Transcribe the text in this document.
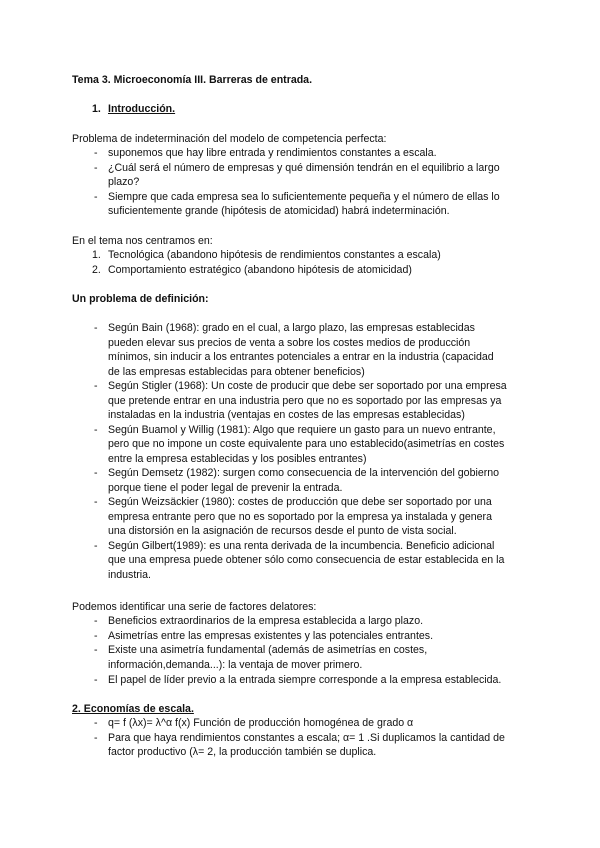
Tema 3. Microeconomía III. Barreras de entrada.
1. Introducción.
Problema de indeterminación del modelo de competencia perfecta:
- suponemos que hay libre entrada y rendimientos constantes a escala.
- ¿Cuál será el número de empresas y qué dimensión tendrán en el equilibrio a largo
plazo?
- Siempre que cada empresa sea lo suficientemente pequeña y el número de ellas lo
suficientemente grande (hipótesis de atomicidad) habrá indeterminación.
En el tema nos centramos en:
1. Tecnológica (abandono hipótesis de rendimientos constantes a escala)
2. Comportamiento estratégico (abandono hipótesis de atomicidad)
Un problema de definición:
- Según Bain (1968): grado en el cual, a largo plazo, las empresas establecidas
pueden elevar sus precios de venta a sobre los costes medios de producción
mínimos, sin inducir a los entrantes potenciales a entrar en la industria (capacidad
de las empresas establecidas para obtener beneficios)
- Según Stigler (1968): Un coste de producir que debe ser soportado por una empresa
que pretende entrar en una industria pero que no es soportado por las empresas ya
instaladas en la industria (ventajas en costes de las empresas establecidas)
- Según Buamol y Willig (1981): Algo que requiere un gasto para un nuevo entrante,
pero que no impone un coste equivalente para uno establecido(asimetrías en costes
entre la empresa establecidas y los posibles entrantes)
- Según Demsetz (1982): surgen como consecuencia de la intervención del gobierno
porque tiene el poder legal de prevenir la entrada.
- Según Weizsäckier (1980): costes de producción que debe ser soportado por una
empresa entrante pero que no es soportado por la empresa ya instalada y genera
una distorsión en la asignación de recursos desde el punto de vista social.
- Según Gilbert(1989): es una renta derivada de la incumbencia. Beneficio adicional
que una empresa puede obtener sólo como consecuencia de estar establecida en la
industria.
Podemos identificar una serie de factores delatores:
- Beneficios extraordinarios de la empresa establecida a largo plazo.
- Asimetrías entre las empresas existentes y las potenciales entrantes.
- Existe una asimetría fundamental (además de asimetrías en costes,
información,demanda...): la ventaja de mover primero.
- El papel de líder previo a la entrada siempre corresponde a la empresa establecida.
2. Economías de escala.
- q= f (λx)= λ^α f(x) Función de producción homogénea de grado α
- Para que haya rendimientos constantes a escala; α= 1 .Si duplicamos la cantidad de
factor productivo (λ= 2, la producción también se duplica.
